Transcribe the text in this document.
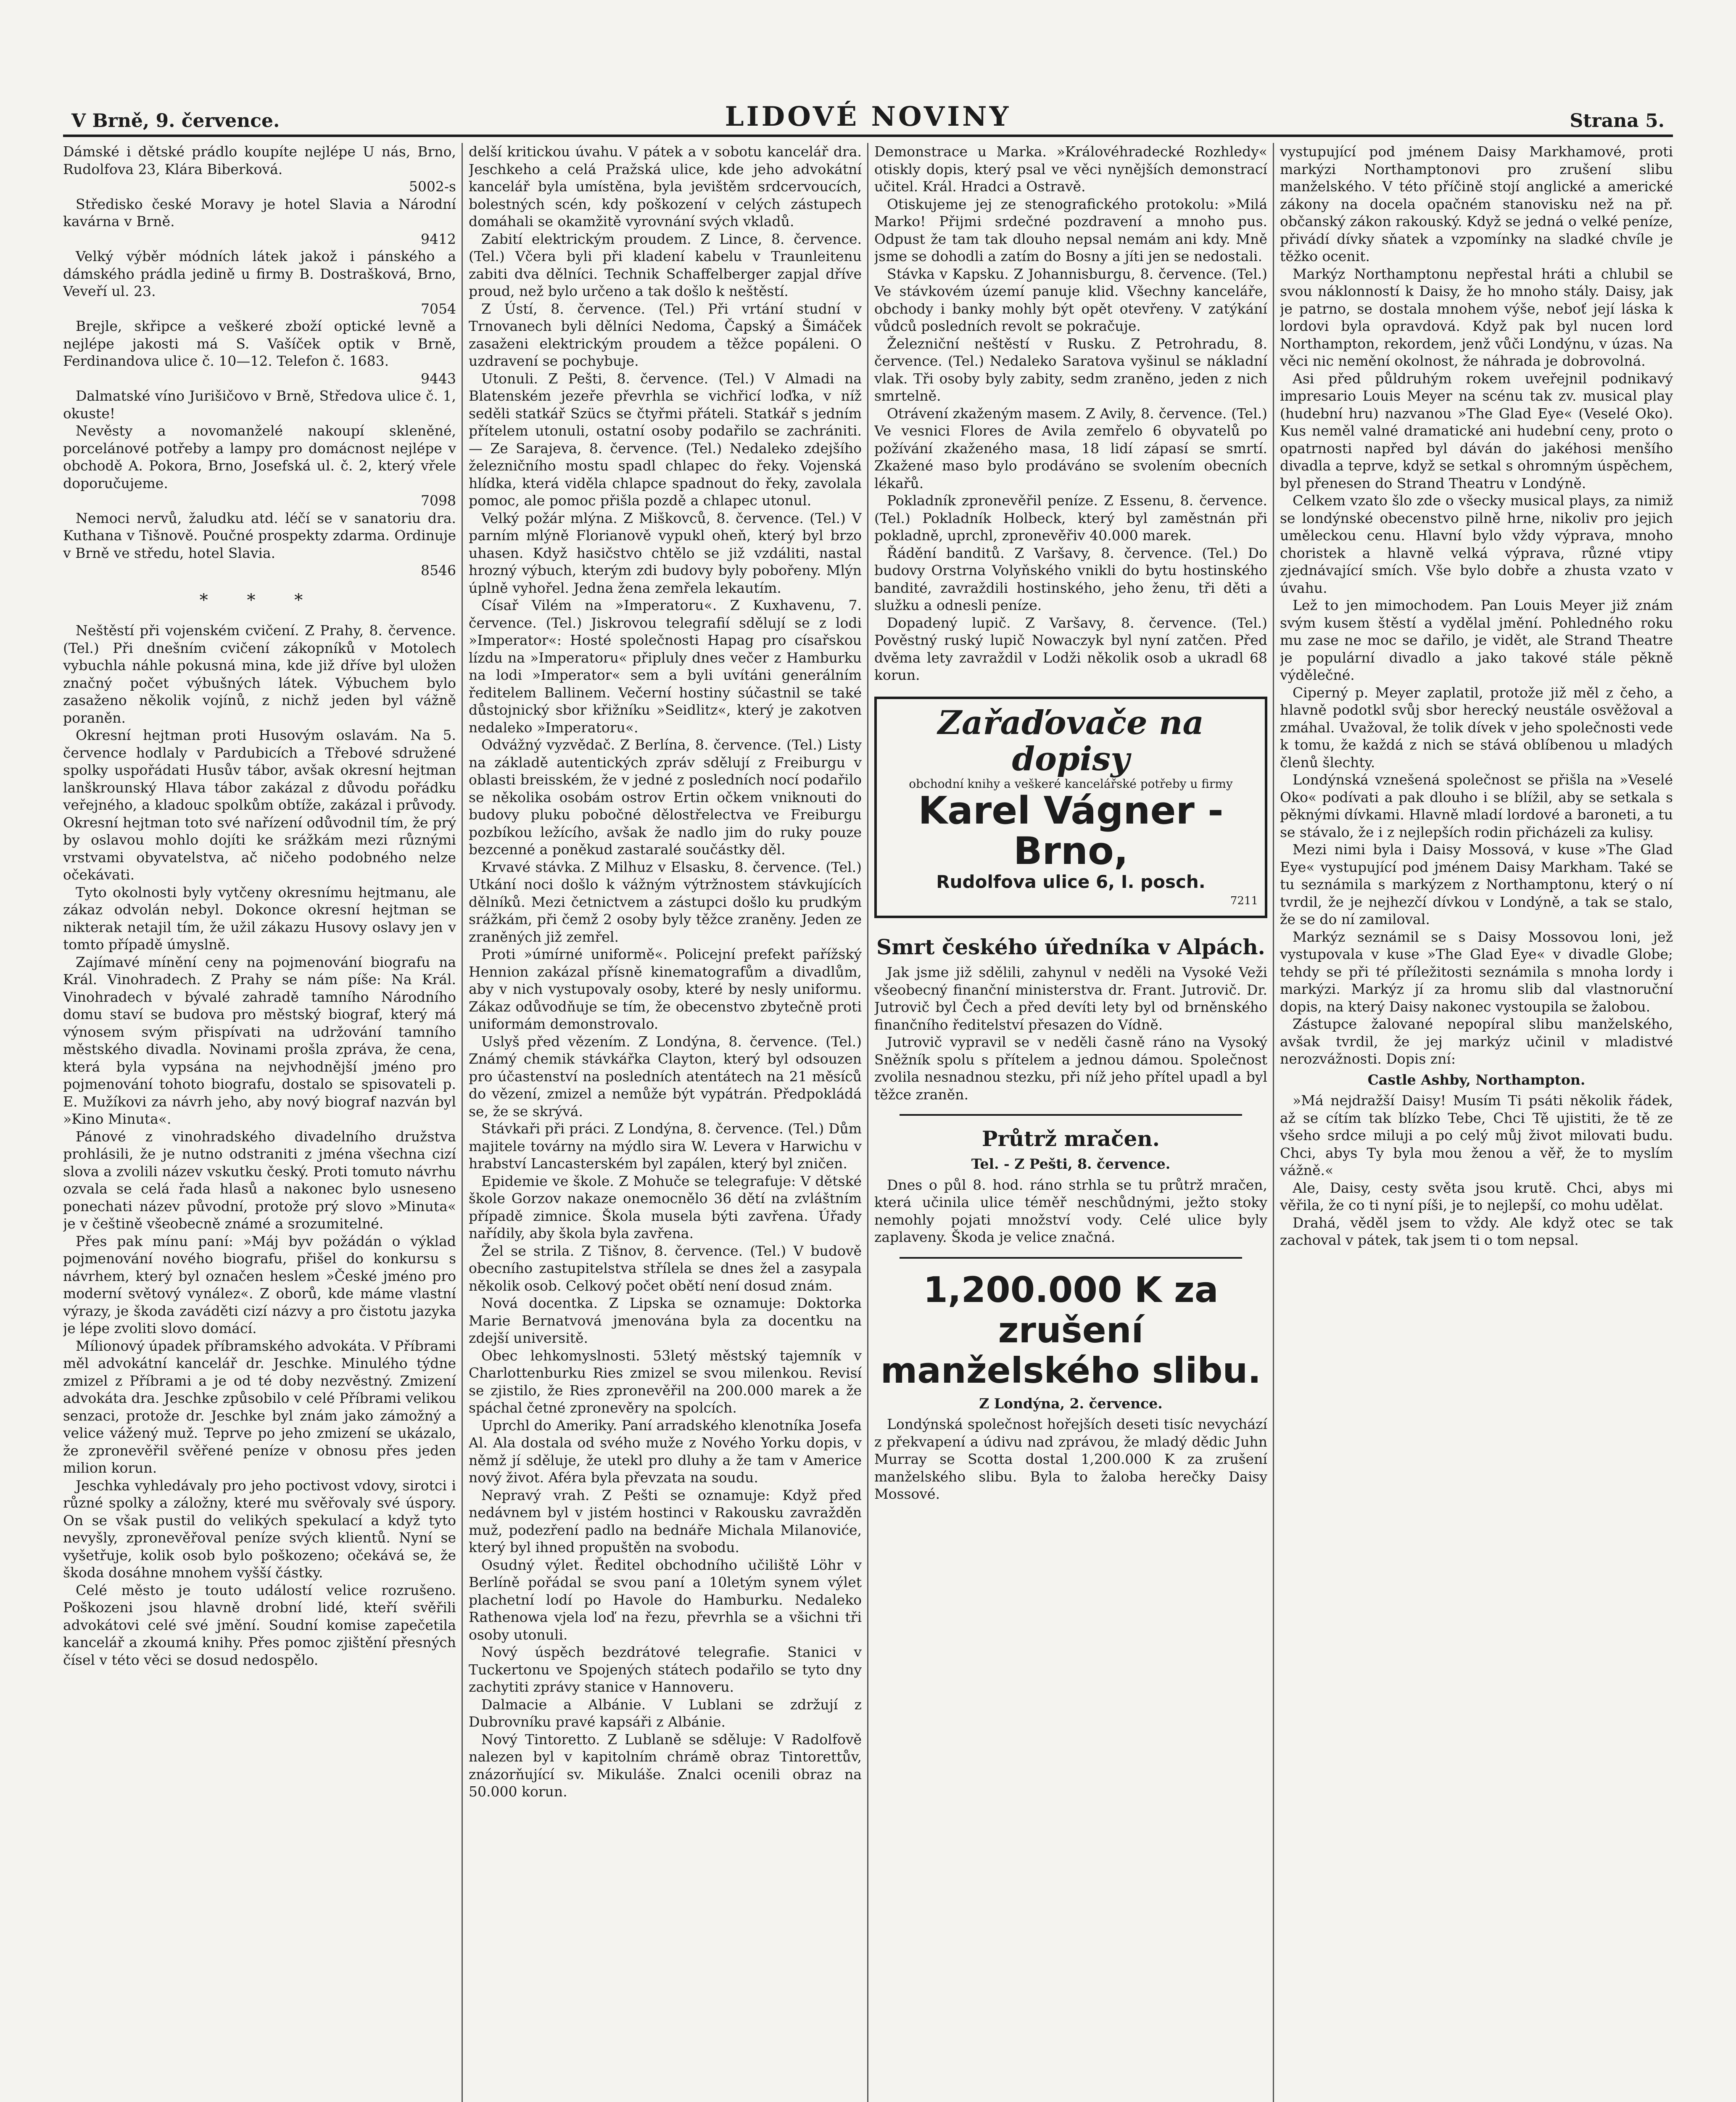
V Brně, 9. července.	LIDOVÉ NOVINY	Strana 5.

Dámské i dětské prádlo koupíte nejlépe U nás, Brno, Rudolfova 23, Klára Biberková.

5002-s

Středisko české Moravy je hotel Slavia a Národní kavárna v Brně.

9412

Velký výběr módních látek jakož i pánského a dámského prádla jedině u firmy B. Dostrašková, Brno, Veveří ul. 23.

7054

Brejle, skřipce a veškeré zboží optické levně a nejlépe jakosti má S. Vašíček optik v Brně, Ferdinandova ulice č. 10—12. Telefon č. 1683.

9443

Dalmatské víno Jurišičovo v Brně, Středova ulice č. 1, okuste!

Nevěsty a novomanželé nakoupí skleněné, porcelánové potřeby a lampy pro domácnost nejlépe v obchodě A. Pokora, Brno, Josefská ul. č. 2, který vřele doporučujeme.

7098

Nemoci nervů, žaludku atd. léčí se v sanatoriu dra. Kuthana v Tišnově. Poučné prospekty zdarma. Ordinuje v Brně ve středu, hotel Slavia.

8546

* * *

Neštěstí při vojenském cvičení. Z Prahy, 8. července. (Tel.) Při dnešním cvičení zákopníků v Motolech vybuchla náhle pokusná mina, kde již dříve byl uložen značný počet výbušných látek. Výbuchem bylo zasaženo několik vojínů, z nichž jeden byl vážně poraněn.

Okresní hejtman proti Husovým oslavám. Na 5. července hodlaly v Pardubicích a Třebové sdružené spolky uspořádati Husův tábor, avšak okresní hejtman lanškrounský Hlava tábor zakázal z důvodu pořádku veřejného, a kladouc spolkům obtíže, zakázal i průvody. Okresní hejtman toto své nařízení odůvodnil tím, že prý by oslavou mohlo dojíti ke srážkám mezi různými vrstvami obyvatelstva, ač ničeho podobného nelze očekávati.

Tyto okolnosti byly vytčeny okresnímu hejtmanu, ale zákaz odvolán nebyl. Dokonce okresní hejtman se nikterak netajil tím, že užil zákazu Husovy oslavy jen v tomto případě úmyslně.

Zajímavé mínění ceny na pojmenování biografu na Král. Vinohradech. Z Prahy se nám píše: Na Král. Vinohradech v bývalé zahradě tamního Národního domu staví se budova pro městský biograf, který má výnosem svým přispívati na udržování tamního městského divadla. Novinami prošla zpráva, že cena, která byla vypsána na nejvhodnější jméno pro pojmenování tohoto biografu, dostalo se spisovateli p. E. Mužíkovi za návrh jeho, aby nový biograf nazván byl »Kino Minuta«.

Pánové z vinohradského divadelního družstva prohlásili, že je nutno odstraniti z jména všechna cizí slova a zvolili název vskutku český. Proti tomuto návrhu ozvala se celá řada hlasů a nakonec bylo usneseno ponechati název původní, protože prý slovo »Minuta« je v češtině všeobecně známé a srozumitelné.

Přes pak mínu paní: »Máj byv požádán o výklad pojmenování nového biografu, přišel do konkursu s návrhem, který byl označen heslem »České jméno pro moderní světový vynález«. Z oborů, kde máme vlastní výrazy, je škoda zaváděti cizí názvy a pro čistotu jazyka je lépe zvoliti slovo domácí.

Mílionový úpadek příbramského advokáta. V Příbrami měl advokátní kancelář dr. Jeschke. Minulého týdne zmizel z Příbrami a je od té doby nezvěstný. Zmizení advokáta dra. Jeschke způsobilo v celé Příbrami velikou senzaci, protože dr. Jeschke byl znám jako zámožný a velice vážený muž. Teprve po jeho zmizení se ukázalo, že zpronevěřil svěřené peníze v obnosu přes jeden milion korun.

Jeschka vyhledávaly pro jeho poctivost vdovy, sirotci i různé spolky a záložny, které mu svěřovaly své úspory. On se však pustil do velikých spekulací a když tyto nevyšly, zpronevěřoval peníze svých klientů. Nyní se vyšetřuje, kolik osob bylo poškozeno; očekává se, že škoda dosáhne mnohem vyšší částky.

Celé město je touto událostí velice rozrušeno. Poškozeni jsou hlavně drobní lidé, kteří svěřili advokátovi celé své jmění. Soudní komise zapečetila kancelář a zkoumá knihy. Přes pomoc zjištění přesných čísel v této věci se dosud nedospělo.

delší kritickou úvahu. V pátek a v sobotu kancelář dra. Jeschkeho a celá Pražská ulice, kde jeho advokátní kancelář byla umístěna, byla jevištěm srdcervoucích, bolestných scén, kdy poškození v celých zástupech domáhali se okamžitě vyrovnání svých vkladů.

Zabití elektrickým proudem. Z Lince, 8. července. (Tel.) Včera byli při kladení kabelu v Traunleitenu zabiti dva dělníci. Technik Schaffelberger zapjal dříve proud, než bylo určeno a tak došlo k neštěstí.

Z Ústí, 8. července. (Tel.) Při vrtání studní v Trnovanech byli dělníci Nedoma, Čapský a Šimáček zasaženi elektrickým proudem a těžce popáleni. O uzdravení se pochybuje.

Utonuli. Z Pešti, 8. července. (Tel.) V Almadi na Blatenském jezeře převrhla se vichřicí loďka, v níž seděli statkář Szücs se čtyřmi přáteli. Statkář s jedním přítelem utonuli, ostatní osoby podařilo se zachrániti. — Ze Sarajeva, 8. července. (Tel.) Nedaleko zdejšího železničního mostu spadl chlapec do řeky. Vojenská hlídka, která viděla chlapce spadnout do řeky, zavolala pomoc, ale pomoc přišla pozdě a chlapec utonul.

Velký požár mlýna. Z Miškovců, 8. července. (Tel.) V parním mlýně Florianově vypukl oheň, který byl brzo uhasen. Když hasičstvo chtělo se již vzdáliti, nastal hrozný výbuch, kterým zdi budovy byly pobořeny. Mlýn úplně vyhořel. Jedna žena zemřela lekautím.

Císař Vilém na »Imperatoru«. Z Kuxhavenu, 7. července. (Tel.) Jiskrovou telegrafií sdělují se z lodi »Imperator«: Hosté společnosti Hapag pro císařskou lízdu na »Imperatoru« připluly dnes večer z Hamburku na lodi »Imperator« sem a byli uvítáni generálním ředitelem Ballinem. Večerní hostiny súčastnil se také důstojnický sbor křižníku »Seidlitz«, který je zakotven nedaleko »Imperatoru«.

Odvážný vyzvědač. Z Berlína, 8. července. (Tel.) Listy na základě autentických zpráv sdělují z Freiburgu v oblasti breisském, že v jedné z posledních nocí podařilo se několika osobám ostrov Ertin očkem vniknouti do budovy pluku pobočné dělostřelectva ve Freiburgu pozbíkou ležícího, avšak že nadlo jim do ruky pouze bezcenné a poněkud zastaralé součástky děl.

Krvavé stávka. Z Milhuz v Elsasku, 8. července. (Tel.) Utkání noci došlo k vážným výtržnostem stávkujících dělníků. Mezi četnictvem a zástupci došlo ku prudkým srážkám, při čemž 2 osoby byly těžce zraněny. Jeden ze zraněných již zemřel.

Proti »úmírné uniformě«. Policejní prefekt pařížský Hennion zakázal přísně kinematografům a divadlům, aby v nich vystupovaly osoby, které by nesly uniformu. Zákaz odůvodňuje se tím, že obecenstvo zbytečně proti uniformám demonstrovalo.

Uslyš před vězením. Z Londýna, 8. července. (Tel.) Známý chemik stávkářka Clayton, který byl odsouzen pro účastenství na posledních atentátech na 21 měsíců do vězení, zmizel a nemůže být vypátrán. Předpokládá se, že se skrývá.

Stávkaři při práci. Z Londýna, 8. července. (Tel.) Dům majitele továrny na mýdlo sira W. Levera v Harwichu v hrabství Lancasterském byl zapálen, který byl zničen.

Epidemie ve škole. Z Mohuče se telegrafuje: V dětské škole Gorzov nakaze onemocnělo 36 dětí na zvláštním případě zimnice. Škola musela býti zavřena. Úřady nařídily, aby škola byla zavřena.

Žel se strila. Z Tišnov, 8. července. (Tel.) V budově obecního zastupitelstva střílela se dnes žel a zasypala několik osob. Celkový počet obětí není dosud znám.

Nová docentka. Z Lipska se oznamuje: Doktorka Marie Bernatvová jmenována byla za docentku na zdejší universitě.

Obec lehkomyslnosti. 53letý městský tajemník v Charlottenburku Ries zmizel se svou milenkou. Revisí se zjistilo, že Ries zpronevěřil na 200.000 marek a že spáchal četné zpronevěry na spolcích.

Uprchl do Ameriky. Paní arradského klenotníka Josefa Al. Ala dostala od svého muže z Nového Yorku dopis, v němž jí sděluje, že utekl pro dluhy a že tam v Americe nový život. Aféra byla převzata na soudu.

Nepravý vrah. Z Pešti se oznamuje: Když před nedávnem byl v jistém hostinci v Rakousku zavražděn muž, podezření padlo na bednáře Michala Milanoviće, který byl ihned propuštěn na svobodu.

Osudný výlet. Ředitel obchodního učiliště Löhr v Berlíně pořádal se svou paní a 10letým synem výlet plachetní lodí po Havole do Hamburku. Nedaleko Rathenowa vjela loď na řezu, převrhla se a všichni tři osoby utonuli.

Nový úspěch bezdrátové telegrafie. Stanici v Tuckertonu ve Spojených státech podařilo se tyto dny zachytiti zprávy stanice v Hannoveru.

Dalmacie a Albánie. V Lublani se zdržují z Dubrovníku pravé kapsáři z Albánie.

Nový Tintoretto. Z Lublaně se sděluje: V Radolfově nalezen byl v kapitolním chrámě obraz Tintorettův, znázorňující sv. Mikuláše. Znalci ocenili obraz na 50.000 korun.

Demonstrace u Marka. »Královéhradecké Rozhledy« otiskly dopis, který psal ve věci nynějších demonstrací učitel. Král. Hradci a Ostravě.

Otiskujeme jej ze stenografického protokolu: »Milá Marko! Přijmi srdečné pozdravení a mnoho pus. Odpust že tam tak dlouho nepsal nemám ani kdy. Mně jsme se dohodli a zatím do Bosny a jíti jen se nedostali.

Stávka v Kapsku. Z Johannisburgu, 8. července. (Tel.) Ve stávkovém území panuje klid. Všechny kanceláře, obchody i banky mohly být opět otevřeny. V zatýkání vůdců posledních revolt se pokračuje.

Železniční neštěstí v Rusku. Z Petrohradu, 8. července. (Tel.) Nedaleko Saratova vyšinul se nákladní vlak. Tři osoby byly zabity, sedm zraněno, jeden z nich smrtelně.

Otrávení zkaženým masem. Z Avily, 8. července. (Tel.) Ve vesnici Flores de Avila zemřelo 6 obyvatelů po požívání zkaženého masa, 18 lidí zápasí se smrtí. Zkažené maso bylo prodáváno se svolením obecních lékařů.

Pokladník zpronevěřil peníze. Z Essenu, 8. července. (Tel.) Pokladník Holbeck, který byl zaměstnán při pokladně, uprchl, zpronevěřiv 40.000 marek.

Řádění banditů. Z Varšavy, 8. července. (Tel.) Do budovy Orstrna Volyňského vnikli do bytu hostinského bandité, zavraždili hostinského, jeho ženu, tři děti a služku a odnesli peníze.

Dopadený lupič. Z Varšavy, 8. července. (Tel.) Pověstný ruský lupič Nowaczyk byl nyní zatčen. Před dvěma lety zavraždil v Lodži několik osob a ukradl 68 korun.

Zařaďovače na dopisy
obchodní knihy a veškeré kancelářské potřeby u firmy
Karel Vágner - Brno,
Rudolfova ulice 6, I. posch.
7211
Smrt českého úředníka v Alpách.

Jak jsme již sdělili, zahynul v neděli na Vysoké Veži všeobecný finanční ministerstva dr. Frant. Jutrovič. Dr. Jutrovič byl Čech a před devíti lety byl od brněnského finančního ředitelství přesazen do Vídně.

Jutrovič vypravil se v neděli časně ráno na Vysoký Sněžník spolu s přítelem a jednou dámou. Společnost zvolila nesnadnou stezku, při níž jeho přítel upadl a byl těžce zraněn.

Průtrž mračen.
Tel. - Z Pešti, 8. července.

Dnes o půl 8. hod. ráno strhla se tu průtrž mračen, která učinila ulice téměř neschůdnými, ježto stoky nemohly pojati množství vody. Celé ulice byly zaplaveny. Škoda je velice značná.

1,200.000 K za zrušení manželského slibu.
Z Londýna, 2. července.

Londýnská společnost hořejších deseti tisíc nevychází z překvapení a údivu nad zprávou, že mladý dědic Juhn Murray se Scotta dostal 1,200.000 K za zrušení manželského slibu. Byla to žaloba herečky Daisy Mossové.

vystupující pod jménem Daisy Markhamové, proti markýzi Northamptonovi pro zrušení slibu manželského. V této příčině stojí anglické a americké zákony na docela opačném stanovisku než na př. občanský zákon rakouský. Když se jedná o velké peníze, přivádí dívky sňatek a vzpomínky na sladké chvíle je těžko ocenit.

Markýz Northamptonu nepřestal hráti a chlubil se svou náklonností k Daisy, že ho mnoho stály. Daisy, jak je patrno, se dostala mnohem výše, neboť její láska k lordovi byla opravdová. Když pak byl nucen lord Northampton, rekordem, jenž vůči Londýnu, v úzas. Na věci nic nemění okolnost, že náhrada je dobrovolná.

Asi před půldruhým rokem uveřejnil podnikavý impresario Louis Meyer na scénu tak zv. musical play (hudební hru) nazvanou »The Glad Eye« (Veselé Oko). Kus neměl valné dramatické ani hudební ceny, proto o opatrnosti napřed byl dáván do jakéhosi menšího divadla a teprve, když se setkal s ohromným úspěchem, byl přenesen do Strand Theatru v Londýně.

Celkem vzato šlo zde o všecky musical plays, za nimiž se londýnské obecenstvo pilně hrne, nikoliv pro jejich uměleckou cenu. Hlavní bylo vždy výprava, mnoho choristek a hlavně velká výprava, různé vtipy zjednávající smích. Vše bylo dobře a zhusta vzato v úvahu.

Lež to jen mimochodem. Pan Louis Meyer již znám svým kusem štěstí a vydělal jmění. Pohledného roku mu zase ne moc se dařilo, je vidět, ale Strand Theatre je populární divadlo a jako takové stále pěkně výdělečné.

Ciperný p. Meyer zaplatil, protože již měl z čeho, a hlavně podotkl svůj sbor herecký neustále osvěžoval a zmáhal. Uvažoval, že tolik dívek v jeho společnosti vede k tomu, že každá z nich se stává oblíbenou u mladých členů šlechty.

Londýnská vznešená společnost se přišla na »Veselé Oko« podívati a pak dlouho i se blížil, aby se setkala s pěknými dívkami. Hlavně mladí lordové a baroneti, a tu se stávalo, že i z nejlepších rodin přicházeli za kulisy.

Mezi nimi byla i Daisy Mossová, v kuse »The Glad Eye« vystupující pod jménem Daisy Markham. Také se tu seznámila s markýzem z Northamptonu, který o ní tvrdil, že je nejhezčí dívkou v Londýně, a tak se stalo, že se do ní zamiloval.

Markýz seznámil se s Daisy Mossovou loni, jež vystupovala v kuse »The Glad Eye« v divadle Globe; tehdy se při té příležitosti seznámila s mnoha lordy i markýzi. Markýz jí za hromu slib dal vlastnoruční dopis, na který Daisy nakonec vystoupila se žalobou.

Zástupce žalované nepopíral slibu manželského, avšak tvrdil, že jej markýz učinil v mladistvé nerozvážnosti. Dopis zní:

Castle Ashby, Northampton.

»Má nejdražší Daisy! Musím Ti psáti několik řádek, až se cítím tak blízko Tebe, Chci Tě ujistiti, že tě ze všeho srdce miluji a po celý můj život milovati budu. Chci, abys Ty byla mou ženou a věř, že to myslím vážně.«

Ale, Daisy, cesty světa jsou krutě. Chci, abys mi věřila, že co ti nyní píši, je to nejlepší, co mohu udělat.

Drahá, věděl jsem to vždy. Ale když otec se tak zachoval v pátek, tak jsem ti o tom nepsal.
